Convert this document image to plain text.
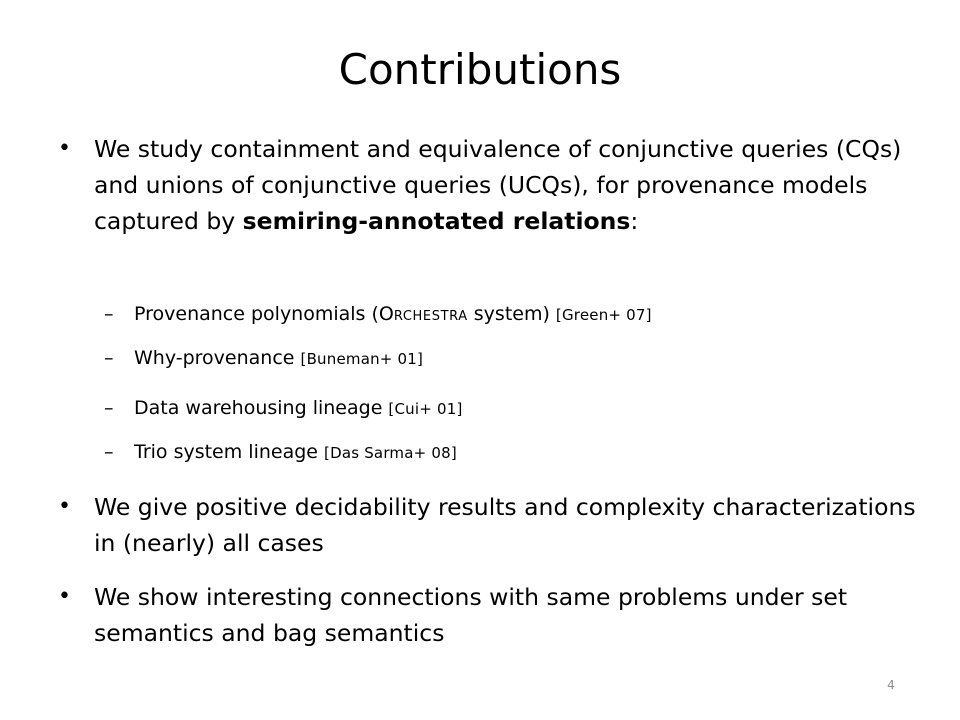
Contributions
• We study containment and equivalence of conjunctive queries (CQs) and unions of conjunctive queries (UCQs), for provenance models captured by semiring-annotated relations:
– Provenance polynomials (ORCHESTRA system) [Green+ 07]
– Why-provenance [Buneman+ 01]
– Data warehousing lineage [Cui+ 01]
– Trio system lineage [Das Sarma+ 08]
• We give positive decidability results and complexity characterizations in (nearly) all cases
• We show interesting connections with same problems under set semantics and bag semantics
4
